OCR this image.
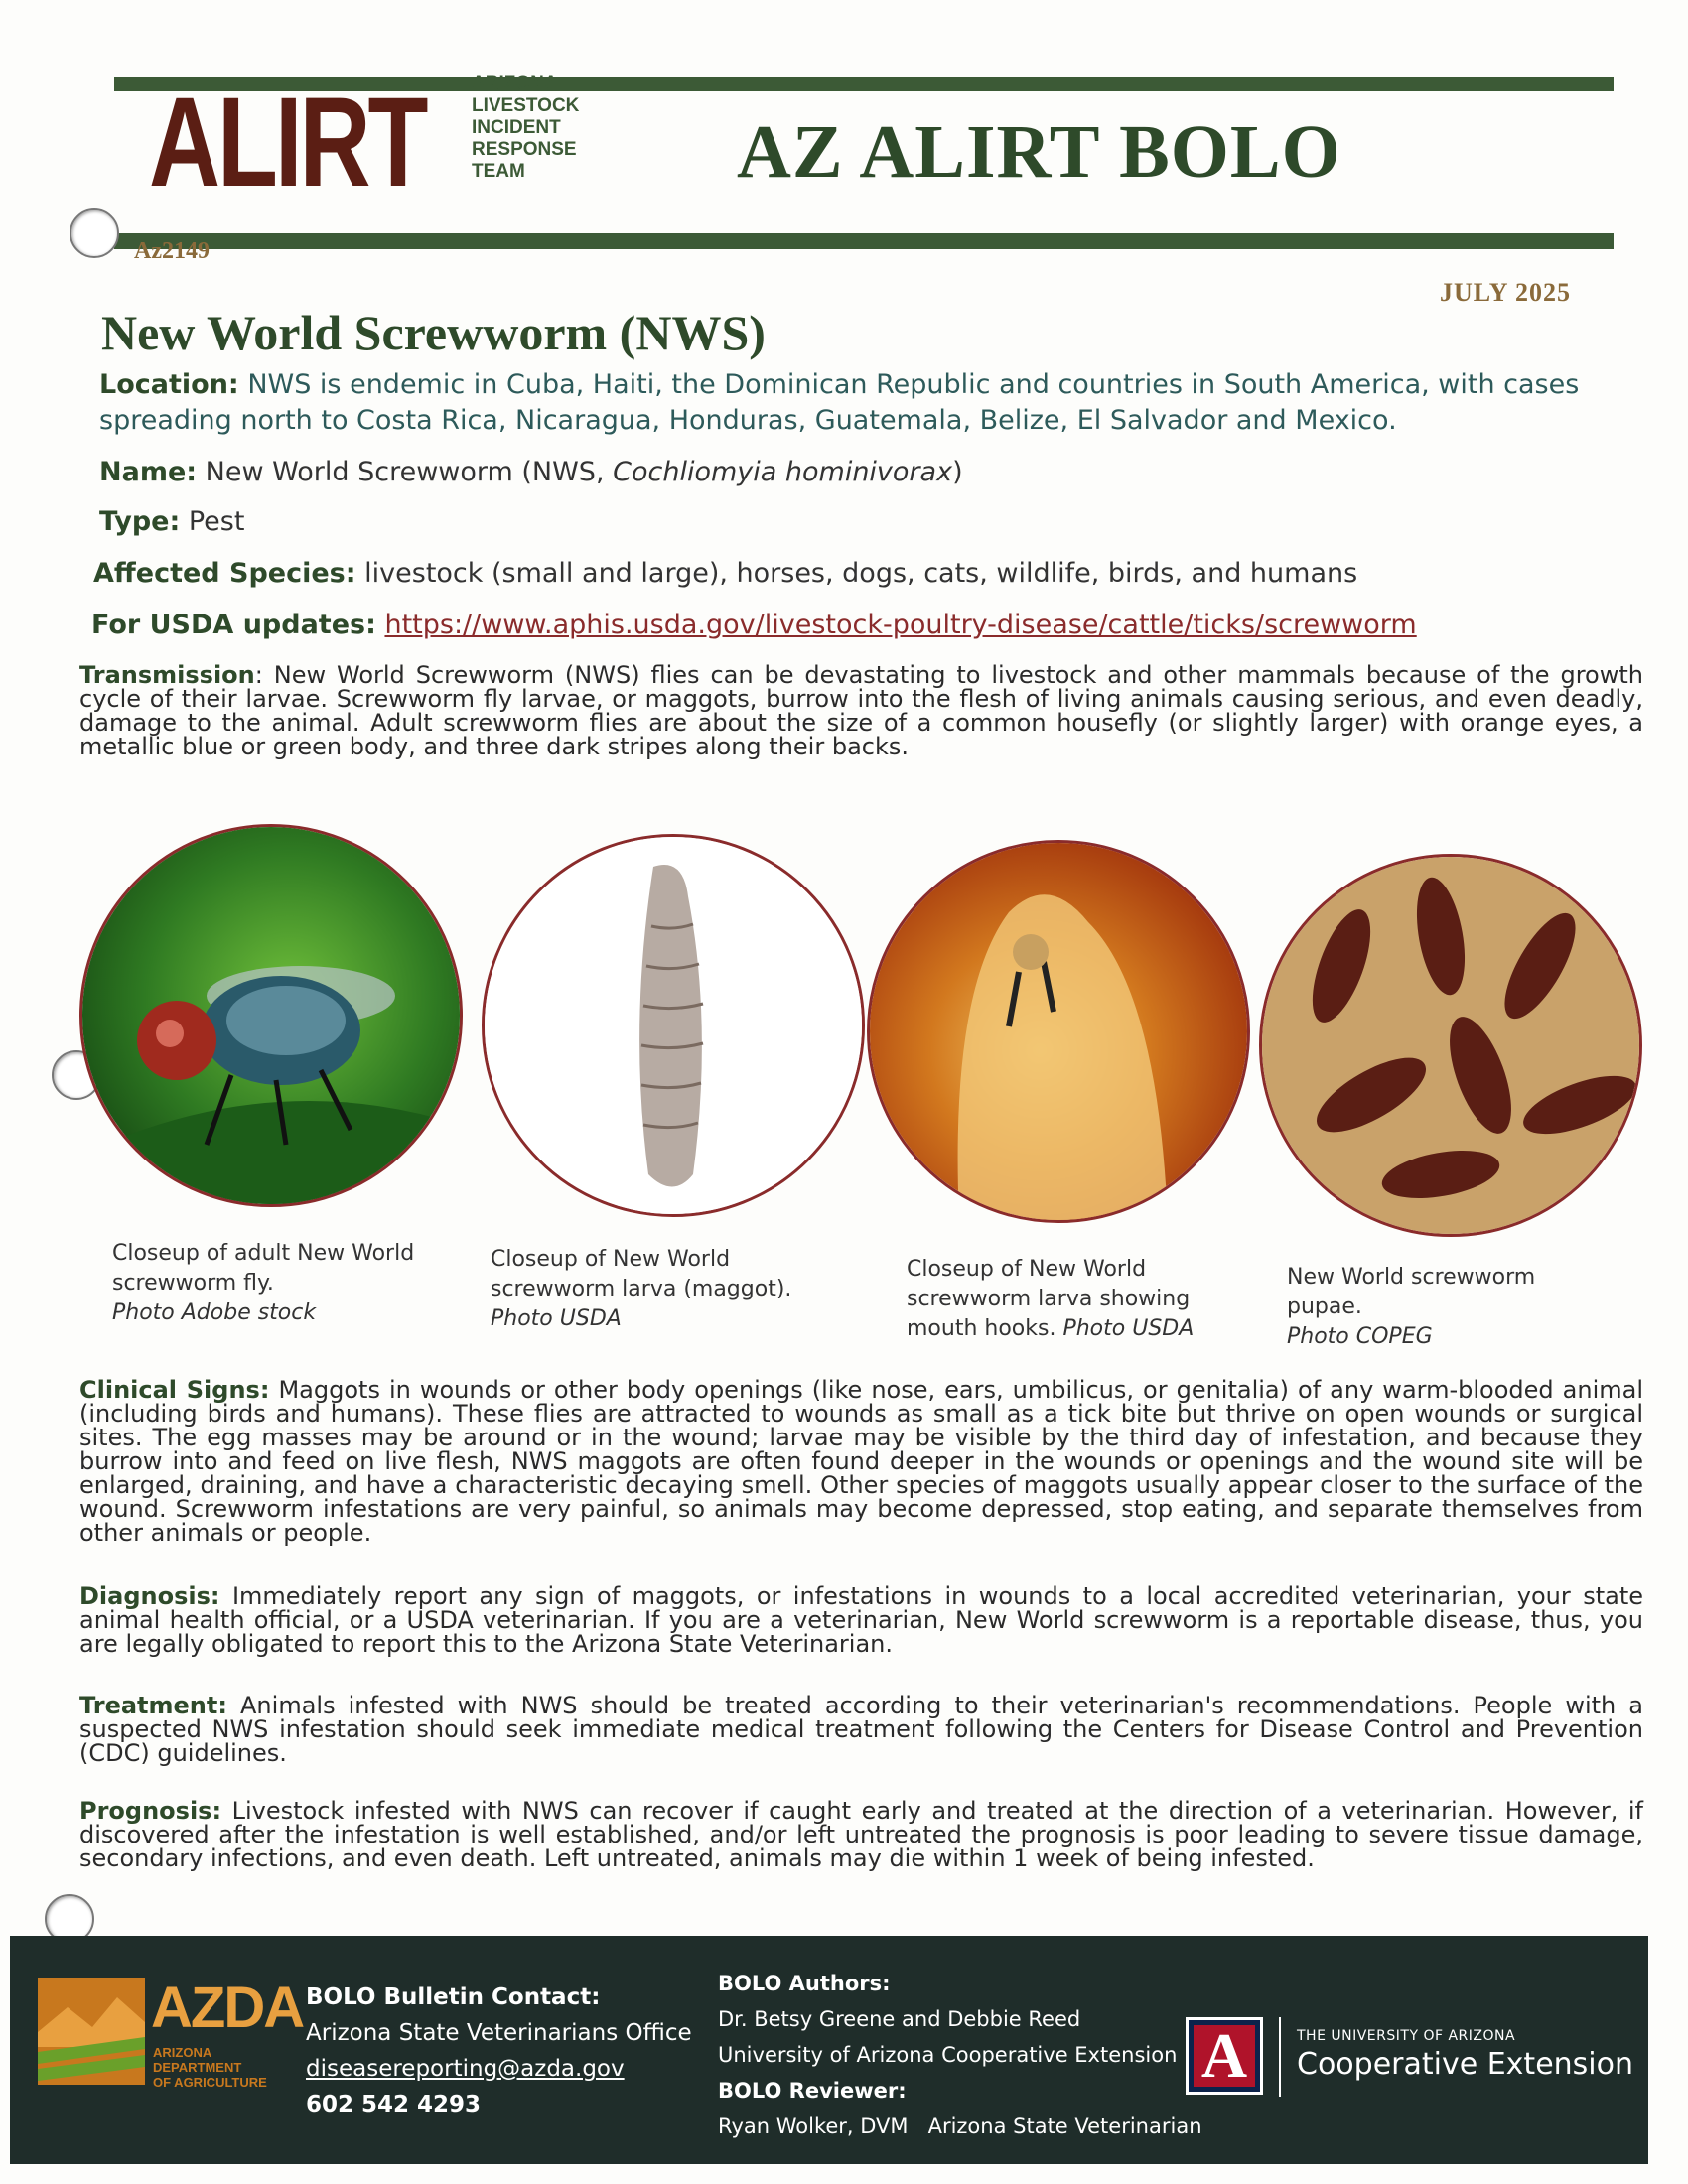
ALIRT ARIZONA
LIVESTOCK
INCIDENT
RESPONSE
TEAM	AZ ALIRT BOLO
Az2149
JULY 2025
New World Screwworm (NWS)
Location: NWS is endemic in Cuba, Haiti, the Dominican Republic and countries in South America, with cases spreading north to Costa Rica, Nicaragua, Honduras, Guatemala, Belize, El Salvador and Mexico.
Name: New World Screwworm (NWS, Cochliomyia hominivorax)
Type: Pest
Affected Species: livestock (small and large), horses, dogs, cats, wildlife, birds, and humans
For USDA updates: https://www.aphis.usda.gov/livestock-poultry-disease/cattle/ticks/screwworm
Transmission: New World Screwworm (NWS) flies can be devastating to livestock and other mammals because of the growth cycle of their larvae. Screwworm fly larvae, or maggots, burrow into the flesh of living animals causing serious, and even deadly, damage to the animal. Adult screwworm flies are about the size of a common housefly (or slightly larger) with orange eyes, a metallic blue or green body, and three dark stripes along their backs.
Closeup of adult New World screwworm fly.
Photo Adobe stock
Closeup of New World screwworm larva (maggot).
Photo USDA
Closeup of New World screwworm larva showing mouth hooks. Photo USDA
New World screwworm pupae.
Photo COPEG
Clinical Signs: Maggots in wounds or other body openings (like nose, ears, umbilicus, or genitalia) of any warm-blooded animal (including birds and humans). These flies are attracted to wounds as small as a tick bite but thrive on open wounds or surgical sites. The egg masses may be around or in the wound; larvae may be visible by the third day of infestation, and because they burrow into and feed on live flesh, NWS maggots are often found deeper in the wounds or openings and the wound site will be enlarged, draining, and have a characteristic decaying smell. Other species of maggots usually appear closer to the surface of the wound. Screwworm infestations are very painful, so animals may become depressed, stop eating, and separate themselves from other animals or people.
Diagnosis: Immediately report any sign of maggots, or infestations in wounds to a local accredited veterinarian, your state animal health official, or a USDA veterinarian. If you are a veterinarian, New World screwworm is a reportable disease, thus, you are legally obligated to report this to the Arizona State Veterinarian.
Treatment: Animals infested with NWS should be treated according to their veterinarian's recommendations. People with a suspected NWS infestation should seek immediate medical treatment following the Centers for Disease Control and Prevention (CDC) guidelines.
Prognosis: Livestock infested with NWS can recover if caught early and treated at the direction of a veterinarian. However, if discovered after the infestation is well established, and/or left untreated the prognosis is poor leading to severe tissue damage, secondary infections, and even death. Left untreated, animals may die within 1 week of being infested.
AZDA
ARIZONA
DEPARTMENT
OF AGRICULTURE
BOLO Bulletin Contact:
Arizona State Veterinarians Office
diseasereporting@azda.gov
602 542 4293
BOLO Authors:
Dr. Betsy Greene and Debbie Reed
University of Arizona Cooperative Extension
BOLO Reviewer:
Ryan Wolker, DVM Arizona State Veterinarian
A	THE UNIVERSITY OF ARIZONA
Cooperative Extension
